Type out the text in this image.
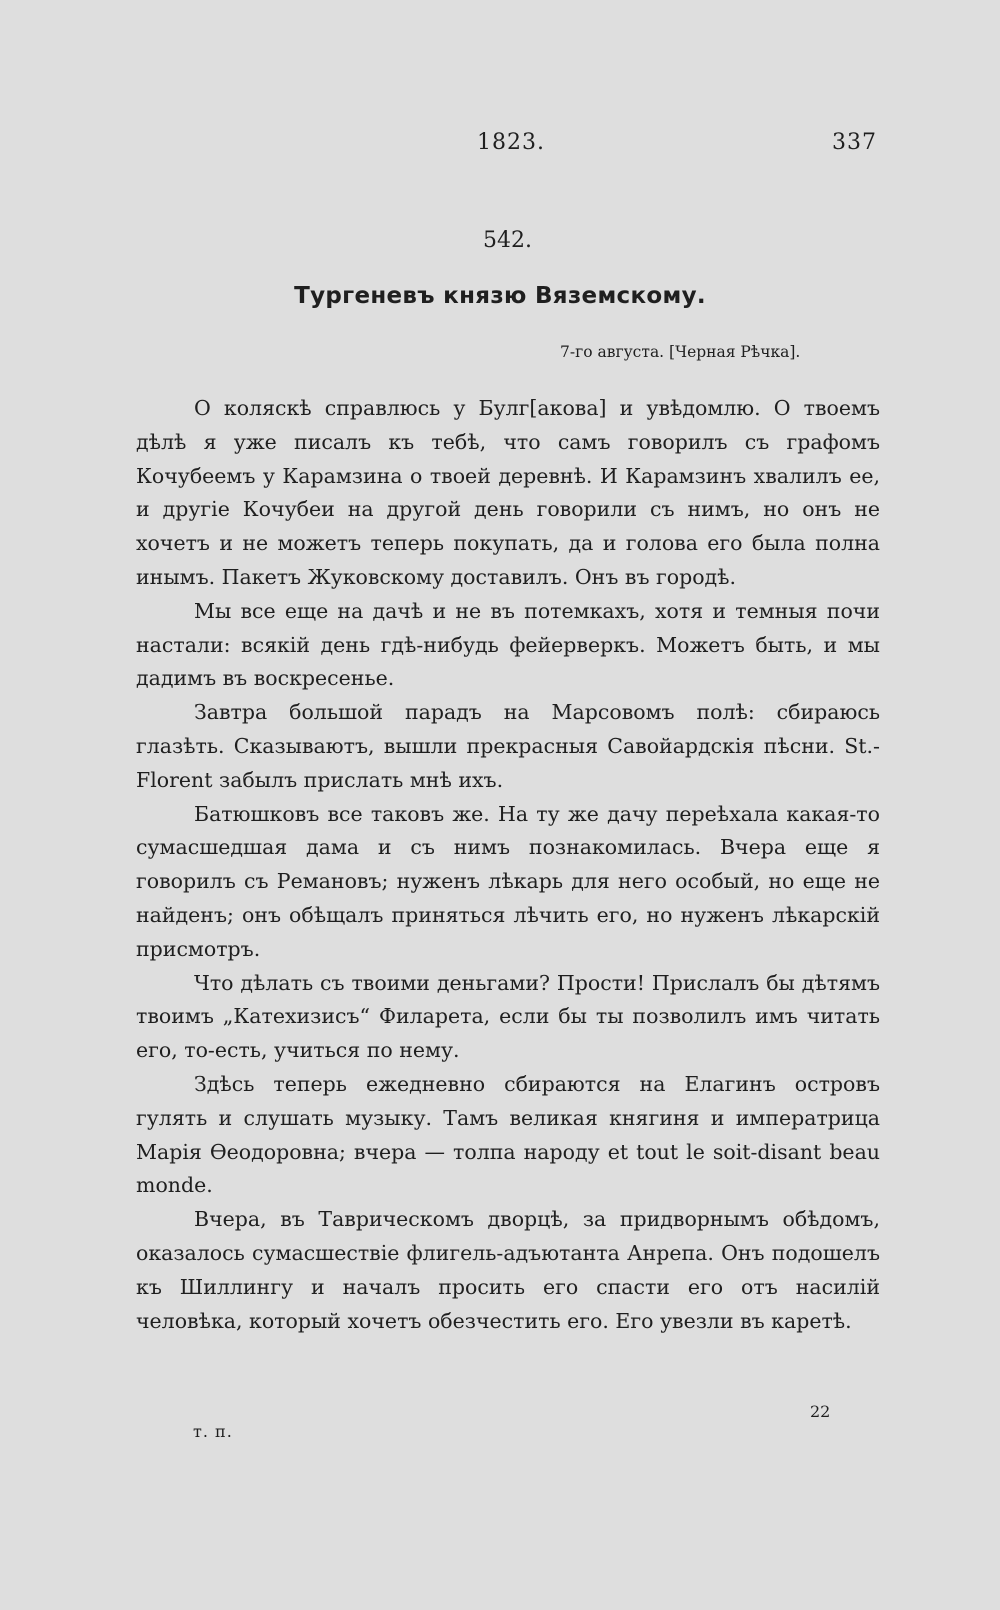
1823.	337
542.
Тургеневъ князю Вяземскому.
7-го августа. [Черная Рѣчка].

О коляскѣ справлюсь у Булг[акова] и увѣдомлю. О твоемъ дѣлѣ я уже писалъ къ тебѣ, что самъ говорилъ съ графомъ Кочубеемъ у Карамзина о твоей деревнѣ. И Карамзинъ хвалилъ ее, и другіе Кочубеи на другой день говорили съ нимъ, но онъ не хочетъ и не можетъ теперь покупать, да и голова его была полна инымъ. Пакетъ Жуковскому доставилъ. Онъ въ городѣ.

Мы все еще на дачѣ и не въ потемкахъ, хотя и темныя почи настали: всякій день гдѣ-нибудь фейерверкъ. Можетъ быть, и мы дадимъ въ воскресенье.

Завтра большой парадъ на Марсовомъ полѣ: сбираюсь глазѣть. Сказываютъ, вышли прекрасныя Савойардскія пѣсни. St.-Florent забылъ прислать мнѣ ихъ.

Батюшковъ все таковъ же. На ту же дачу переѣхала какая-то сумасшедшая дама и съ нимъ познакомилась. Вчера еще я говорилъ съ Ремановъ; нуженъ лѣкарь для него особый, но еще не найденъ; онъ обѣщалъ приняться лѣчить его, но нуженъ лѣкарскій присмотръ.

Что дѣлать съ твоими деньгами? Прости! Прислалъ бы дѣтямъ твоимъ „Катехизисъ“ Филарета, если бы ты позволилъ имъ читать его, то-есть, учиться по нему.

Здѣсь теперь ежедневно сбираются на Елагинъ островъ гулять и слушать музыку. Тамъ великая княгиня и императрица Марія Ѳеодоровна; вчера — толпа народу et tout le soit-disant beau monde.

Вчера, въ Таврическомъ дворцѣ, за придворнымъ обѣдомъ, оказалось сумасшествіе флигель-адъютанта Анрепа. Онъ подошелъ къ Шиллингу и началъ просить его спасти его отъ насилій человѣка, который хочетъ обезчестить его. Его увезли въ каретѣ.

т. п.
22
